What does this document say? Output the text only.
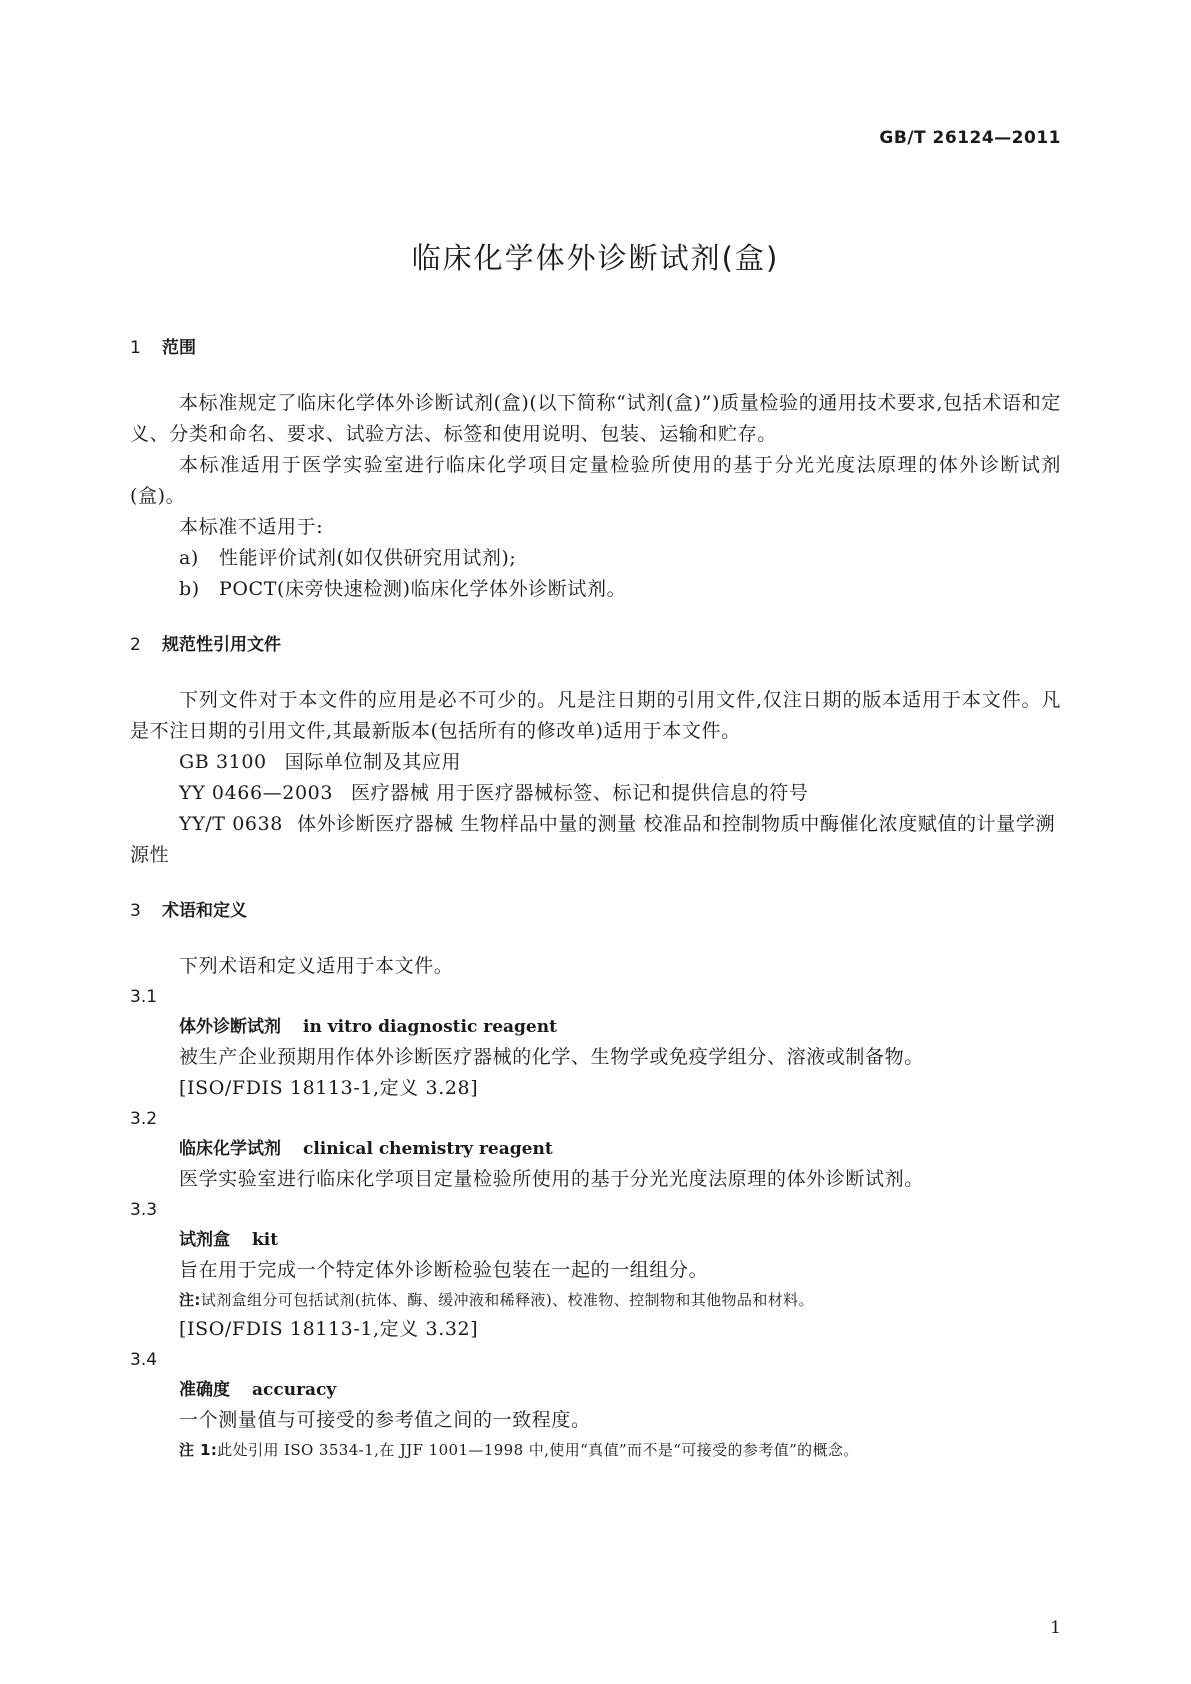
GB/T 26124—2011
临床化学体外诊断试剂(盒)
1 范围
本标准规定了临床化学体外诊断试剂(盒)(以下简称“试剂(盒)”)质量检验的通用技术要求,包括术语和定义、分类和命名、要求、试验方法、标签和使用说明、包装、运输和贮存。
本标准适用于医学实验室进行临床化学项目定量检验所使用的基于分光光度法原理的体外诊断试剂(盒)。
本标准不适用于:
a) 性能评价试剂(如仅供研究用试剂);
b) POCT(床旁快速检测)临床化学体外诊断试剂。
2 规范性引用文件
下列文件对于本文件的应用是必不可少的。凡是注日期的引用文件,仅注日期的版本适用于本文件。凡是不注日期的引用文件,其最新版本(包括所有的修改单)适用于本文件。
GB 3100 国际单位制及其应用
YY 0466—2003 医疗器械 用于医疗器械标签、标记和提供信息的符号
YY/T 0638 体外诊断医疗器械 生物样品中量的测量 校准品和控制物质中酶催化浓度赋值的计量学溯源性
3 术语和定义
下列术语和定义适用于本文件。
3.1
体外诊断试剂 in vitro diagnostic reagent
被生产企业预期用作体外诊断医疗器械的化学、生物学或免疫学组分、溶液或制备物。
[ISO/FDIS 18113-1,定义 3.28]
3.2
临床化学试剂 clinical chemistry reagent
医学实验室进行临床化学项目定量检验所使用的基于分光光度法原理的体外诊断试剂。
3.3
试剂盒 kit
旨在用于完成一个特定体外诊断检验包装在一起的一组组分。
注:试剂盒组分可包括试剂(抗体、酶、缓冲液和稀释液)、校准物、控制物和其他物品和材料。
[ISO/FDIS 18113-1,定义 3.32]
3.4
准确度 accuracy
一个测量值与可接受的参考值之间的一致程度。
注 1:此处引用 ISO 3534-1,在 JJF 1001—1998 中,使用“真值”而不是“可接受的参考值”的概念。
1
